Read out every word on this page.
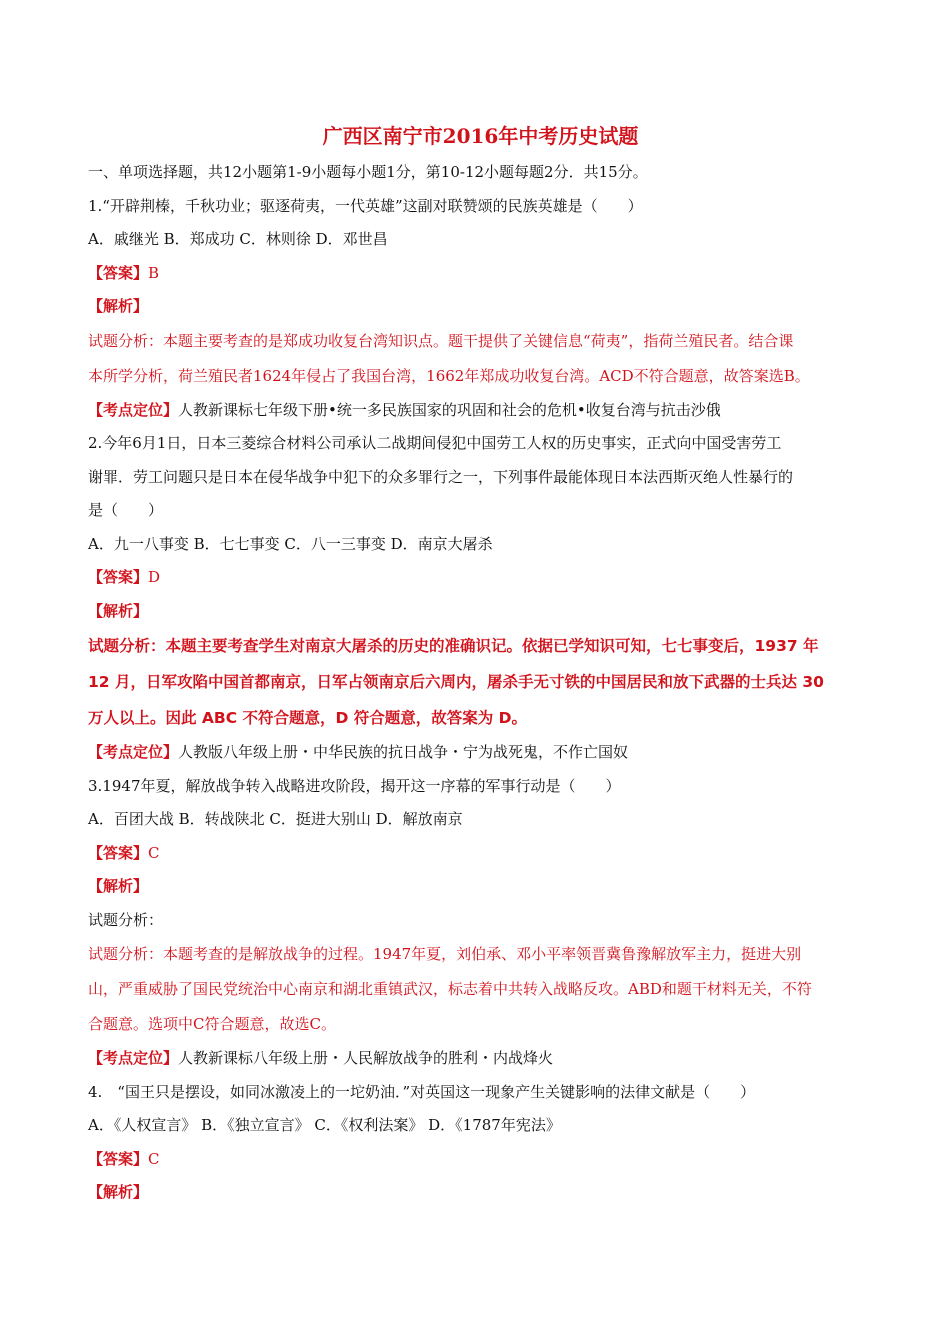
广西区南宁市2016年中考历史试题

一、单项选择题，共12小题第1-9小题每小题1分，第10-12小题每题2分．共15分。

1.“开辟荆榛，千秋功业；驱逐荷夷，一代英雄”这副对联赞颂的民族英雄是（　　）

A．戚继光 B．郑成功 C．林则徐 D．邓世昌

【答案】B

【解析】

试题分析：本题主要考查的是郑成功收复台湾知识点。题干提供了关键信息“荷夷”，指荷兰殖民者。结合课

本所学分析，荷兰殖民者1624年侵占了我国台湾，1662年郑成功收复台湾。ACD不符合题意，故答案选B。

【考点定位】人教新课标七年级下册•统一多民族国家的巩固和社会的危机•收复台湾与抗击沙俄

2.今年6月1日，日本三菱综合材料公司承认二战期间侵犯中国劳工人权的历史事实，正式向中国受害劳工

谢罪．劳工问题只是日本在侵华战争中犯下的众多罪行之一，下列事件最能体现日本法西斯灭绝人性暴行的

是（　　）

A．九一八事变 B．七七事变 C．八一三事变 D．南京大屠杀

【答案】D

【解析】

试题分析：本题主要考查学生对南京大屠杀的历史的准确识记。依据已学知识可知，七七事变后，1937 年

12 月，日军攻陷中国首都南京，日军占领南京后六周内，屠杀手无寸铁的中国居民和放下武器的士兵达 30

万人以上。因此 ABC 不符合题意，D 符合题意，故答案为 D。

【考点定位】人教版八年级上册・中华民族的抗日战争・宁为战死鬼，不作亡国奴

3.1947年夏，解放战争转入战略进攻阶段，揭开这一序幕的军事行动是（　　）

A．百团大战 B．转战陕北 C．挺进大别山 D．解放南京

【答案】C

【解析】

试题分析：

试题分析：本题考查的是解放战争的过程。1947年夏，刘伯承、邓小平率领晋冀鲁豫解放军主力，挺进大别

山，严重威胁了国民党统治中心南京和湖北重镇武汉，标志着中共转入战略反攻。ABD和题干材料无关，不符

合题意。选项中C符合题意，故选C。

【考点定位】人教新课标八年级上册・人民解放战争的胜利・内战烽火

4.　“国王只是摆设，如同冰激凌上的一坨奶油．”对英国这一现象产生关键影响的法律文献是（　　）

A．《人权宣言》 B．《独立宣言》 C．《权利法案》 D．《1787年宪法》

【答案】C

【解析】
